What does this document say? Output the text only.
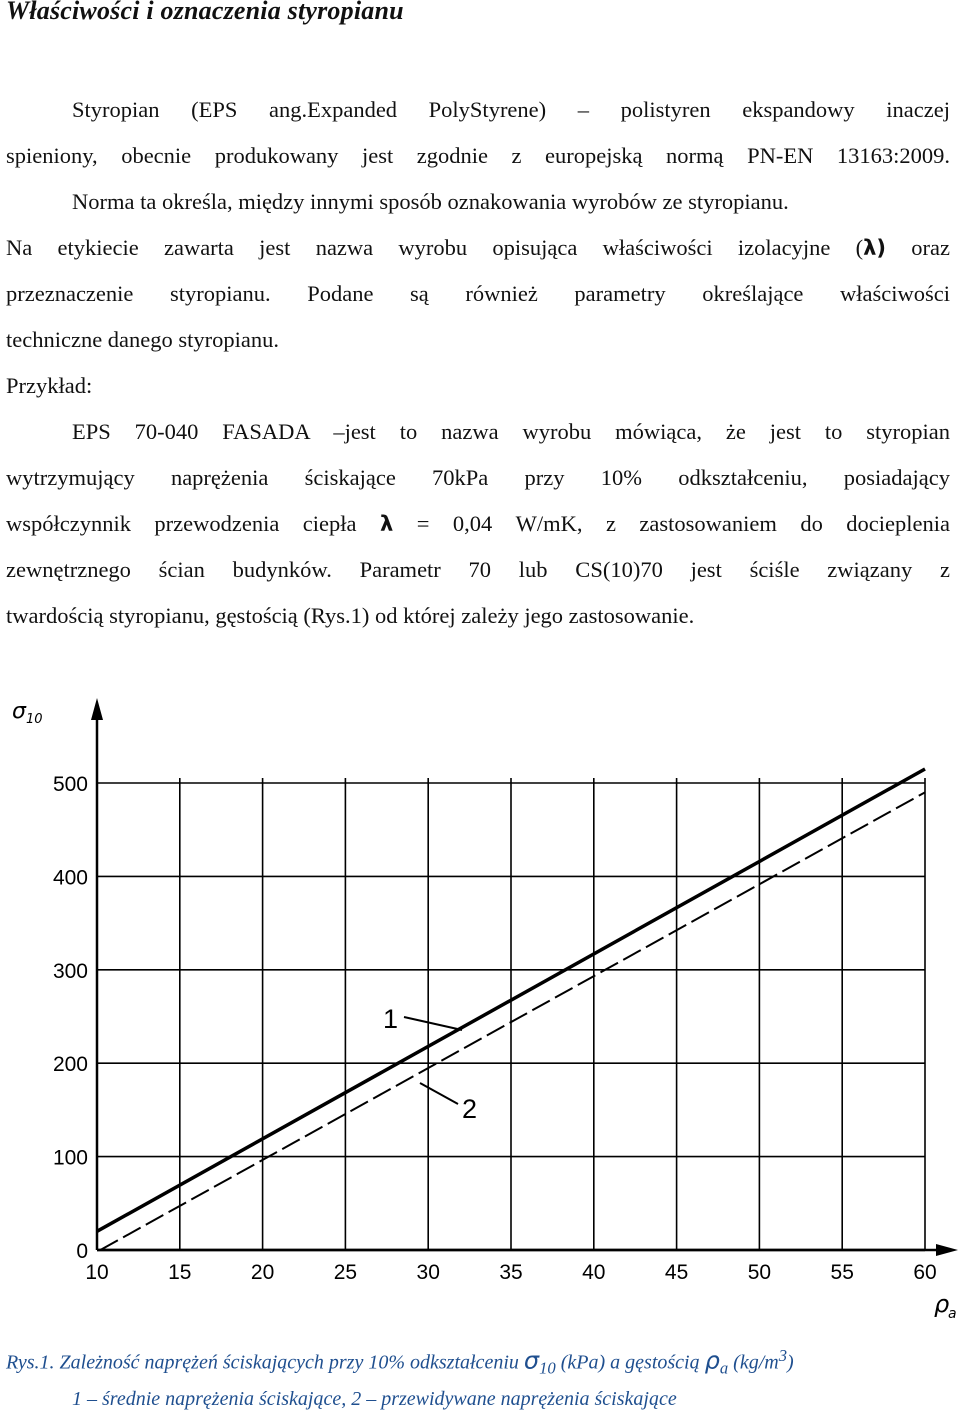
Właściwości i oznaczenia styropianu
Styropian (EPS ang.Expanded PolyStyrene) – polistyren ekspandowy inaczej
spieniony, obecnie produkowany jest zgodnie z europejską normą PN-EN 13163:2009.
Norma ta określa, między innymi sposób oznakowania wyrobów ze styropianu.
Na etykiecie zawarta jest nazwa wyrobu opisująca właściwości izolacyjne (λ) oraz
przeznaczenie styropianu. Podane są również parametry określające właściwości
techniczne danego styropianu.
Przykład:
EPS 70-040 FASADA –jest to nazwa wyrobu mówiąca, że jest to styropian
wytrzymujący naprężenia ściskające 70kPa przy 10% odkształceniu, posiadający
współczynnik przewodzenia ciepła λ = 0,04 W/mK, z zastosowaniem do docieplenia
zewnętrznego ścian budynków. Parametr 70 lub CS(10)70 jest ściśle związany z
twardością styropianu, gęstością (Rys.1) od której zależy jego zastosowanie.
0
100
200
300
400
500
10	15	20	25	30	35	40	45	50	55	60
σ 10
ρ
a
1
2
Rys.1. Zależność naprężeń ściskających przy 10% odkształceniu $\sigma_{10}$ (kPa) a gęstością $\rho_a$ $(kg/m^3)$
1 – średnie naprężenia ściskające, 2 – przewidywane naprężenia ściskające
